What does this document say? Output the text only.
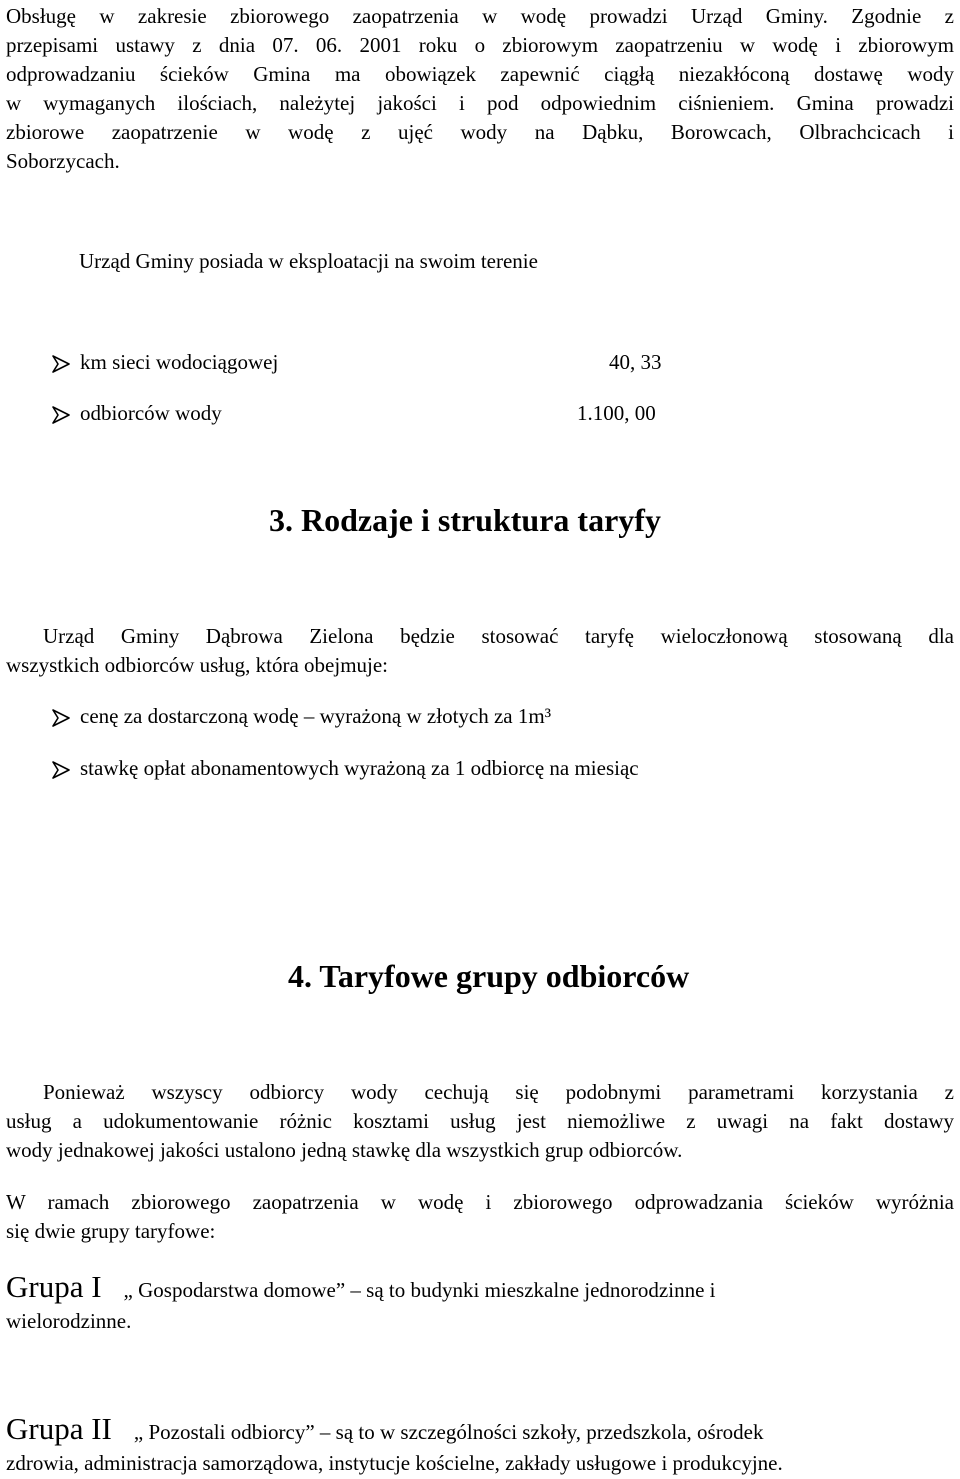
Obsługę w zakresie zbiorowego zaopatrzenia w wodę prowadzi Urząd Gminy. Zgodnie z
przepisami ustawy z dnia 07. 06. 2001 roku o zbiorowym zaopatrzeniu w wodę i zbiorowym
odprowadzaniu ścieków Gmina ma obowiązek zapewnić ciągłą niezakłóconą dostawę wody
w wymaganych ilościach, należytej jakości i pod odpowiednim ciśnieniem. Gmina prowadzi
zbiorowe zaopatrzenie w wodę z ujęć wody na Dąbku, Borowcach, Olbrachcicach i
Soborzycach.
Urząd Gminy posiada w eksploatacji na swoim terenie
km sieci wodociągowej	40, 33
odbiorców wody	1.100, 00
3. Rodzaje i struktura taryfy
Urząd Gminy Dąbrowa Zielona będzie stosować taryfę wieloczłonową stosowaną dla
wszystkich odbiorców usług, która obejmuje:
cenę za dostarczoną wodę – wyrażoną w złotych za 1m³
stawkę opłat abonamentowych wyrażoną za 1 odbiorcę na miesiąc
4. Taryfowe grupy odbiorców
Ponieważ wszyscy odbiorcy wody cechują się podobnymi parametrami korzystania z
usług a udokumentowanie różnic kosztami usług jest niemożliwe z uwagi na fakt dostawy
wody jednakowej jakości ustalono jedną stawkę dla wszystkich grup odbiorców.
W ramach zbiorowego zaopatrzenia w wodę i zbiorowego odprowadzania ścieków wyróżnia
się dwie grupy taryfowe:
Grupa I „ Gospodarstwa domowe” – są to budynki mieszkalne jednorodzinne i
wielorodzinne.
Grupa II „ Pozostali odbiorcy” – są to w szczególności szkoły, przedszkola, ośrodek
zdrowia, administracja samorządowa, instytucje kościelne, zakłady usługowe i produkcyjne.
